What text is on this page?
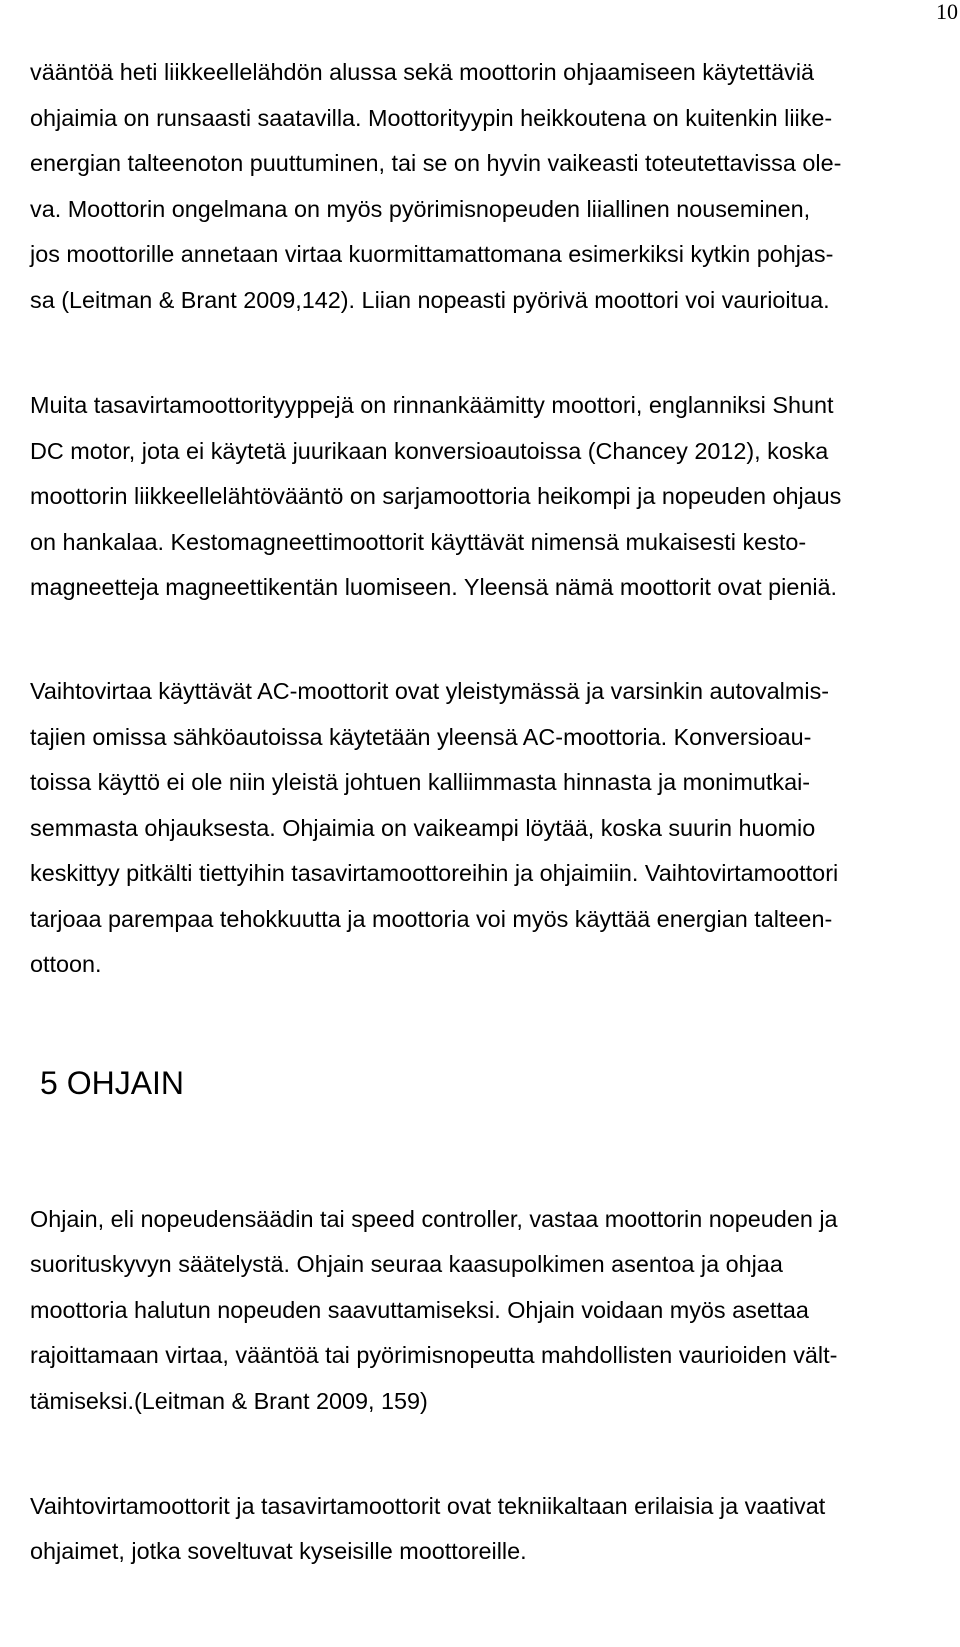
10
vääntöä heti liikkeellelähdön alussa sekä moottorin ohjaamiseen käytettäviä
ohjaimia on runsaasti saatavilla. Moottorityypin heikkoutena on kuitenkin liike-
energian talteenoton puuttuminen, tai se on hyvin vaikeasti toteutettavissa ole-
va. Moottorin ongelmana on myös pyörimisnopeuden liiallinen nouseminen,
jos moottorille annetaan virtaa kuormittamattomana esimerkiksi kytkin pohjas-
sa (Leitman & Brant 2009,142). Liian nopeasti pyörivä moottori voi vaurioitua.
Muita tasavirtamoottorityyppejä on rinnankäämitty moottori, englanniksi Shunt
DC motor, jota ei käytetä juurikaan konversioautoissa (Chancey 2012), koska
moottorin liikkeellelähtövääntö on sarjamoottoria heikompi ja nopeuden ohjaus
on hankalaa. Kestomagneettimoottorit käyttävät nimensä mukaisesti kesto-
magneetteja magneettikentän luomiseen. Yleensä nämä moottorit ovat pieniä.
Vaihtovirtaa käyttävät AC-moottorit ovat yleistymässä ja varsinkin autovalmis-
tajien omissa sähköautoissa käytetään yleensä AC-moottoria. Konversioau-
toissa käyttö ei ole niin yleistä johtuen kalliimmasta hinnasta ja monimutkai-
semmasta ohjauksesta. Ohjaimia on vaikeampi löytää, koska suurin huomio
keskittyy pitkälti tiettyihin tasavirtamoottoreihin ja ohjaimiin. Vaihtovirtamoottori
tarjoaa parempaa tehokkuutta ja moottoria voi myös käyttää energian talteen-
ottoon.
5 OHJAIN
Ohjain, eli nopeudensäädin tai speed controller, vastaa moottorin nopeuden ja
suorituskyvyn säätelystä. Ohjain seuraa kaasupolkimen asentoa ja ohjaa
moottoria halutun nopeuden saavuttamiseksi. Ohjain voidaan myös asettaa
rajoittamaan virtaa, vääntöä tai pyörimisnopeutta mahdollisten vaurioiden vält-
tämiseksi.(Leitman & Brant 2009, 159)
Vaihtovirtamoottorit ja tasavirtamoottorit ovat tekniikaltaan erilaisia ja vaativat
ohjaimet, jotka soveltuvat kyseisille moottoreille.
